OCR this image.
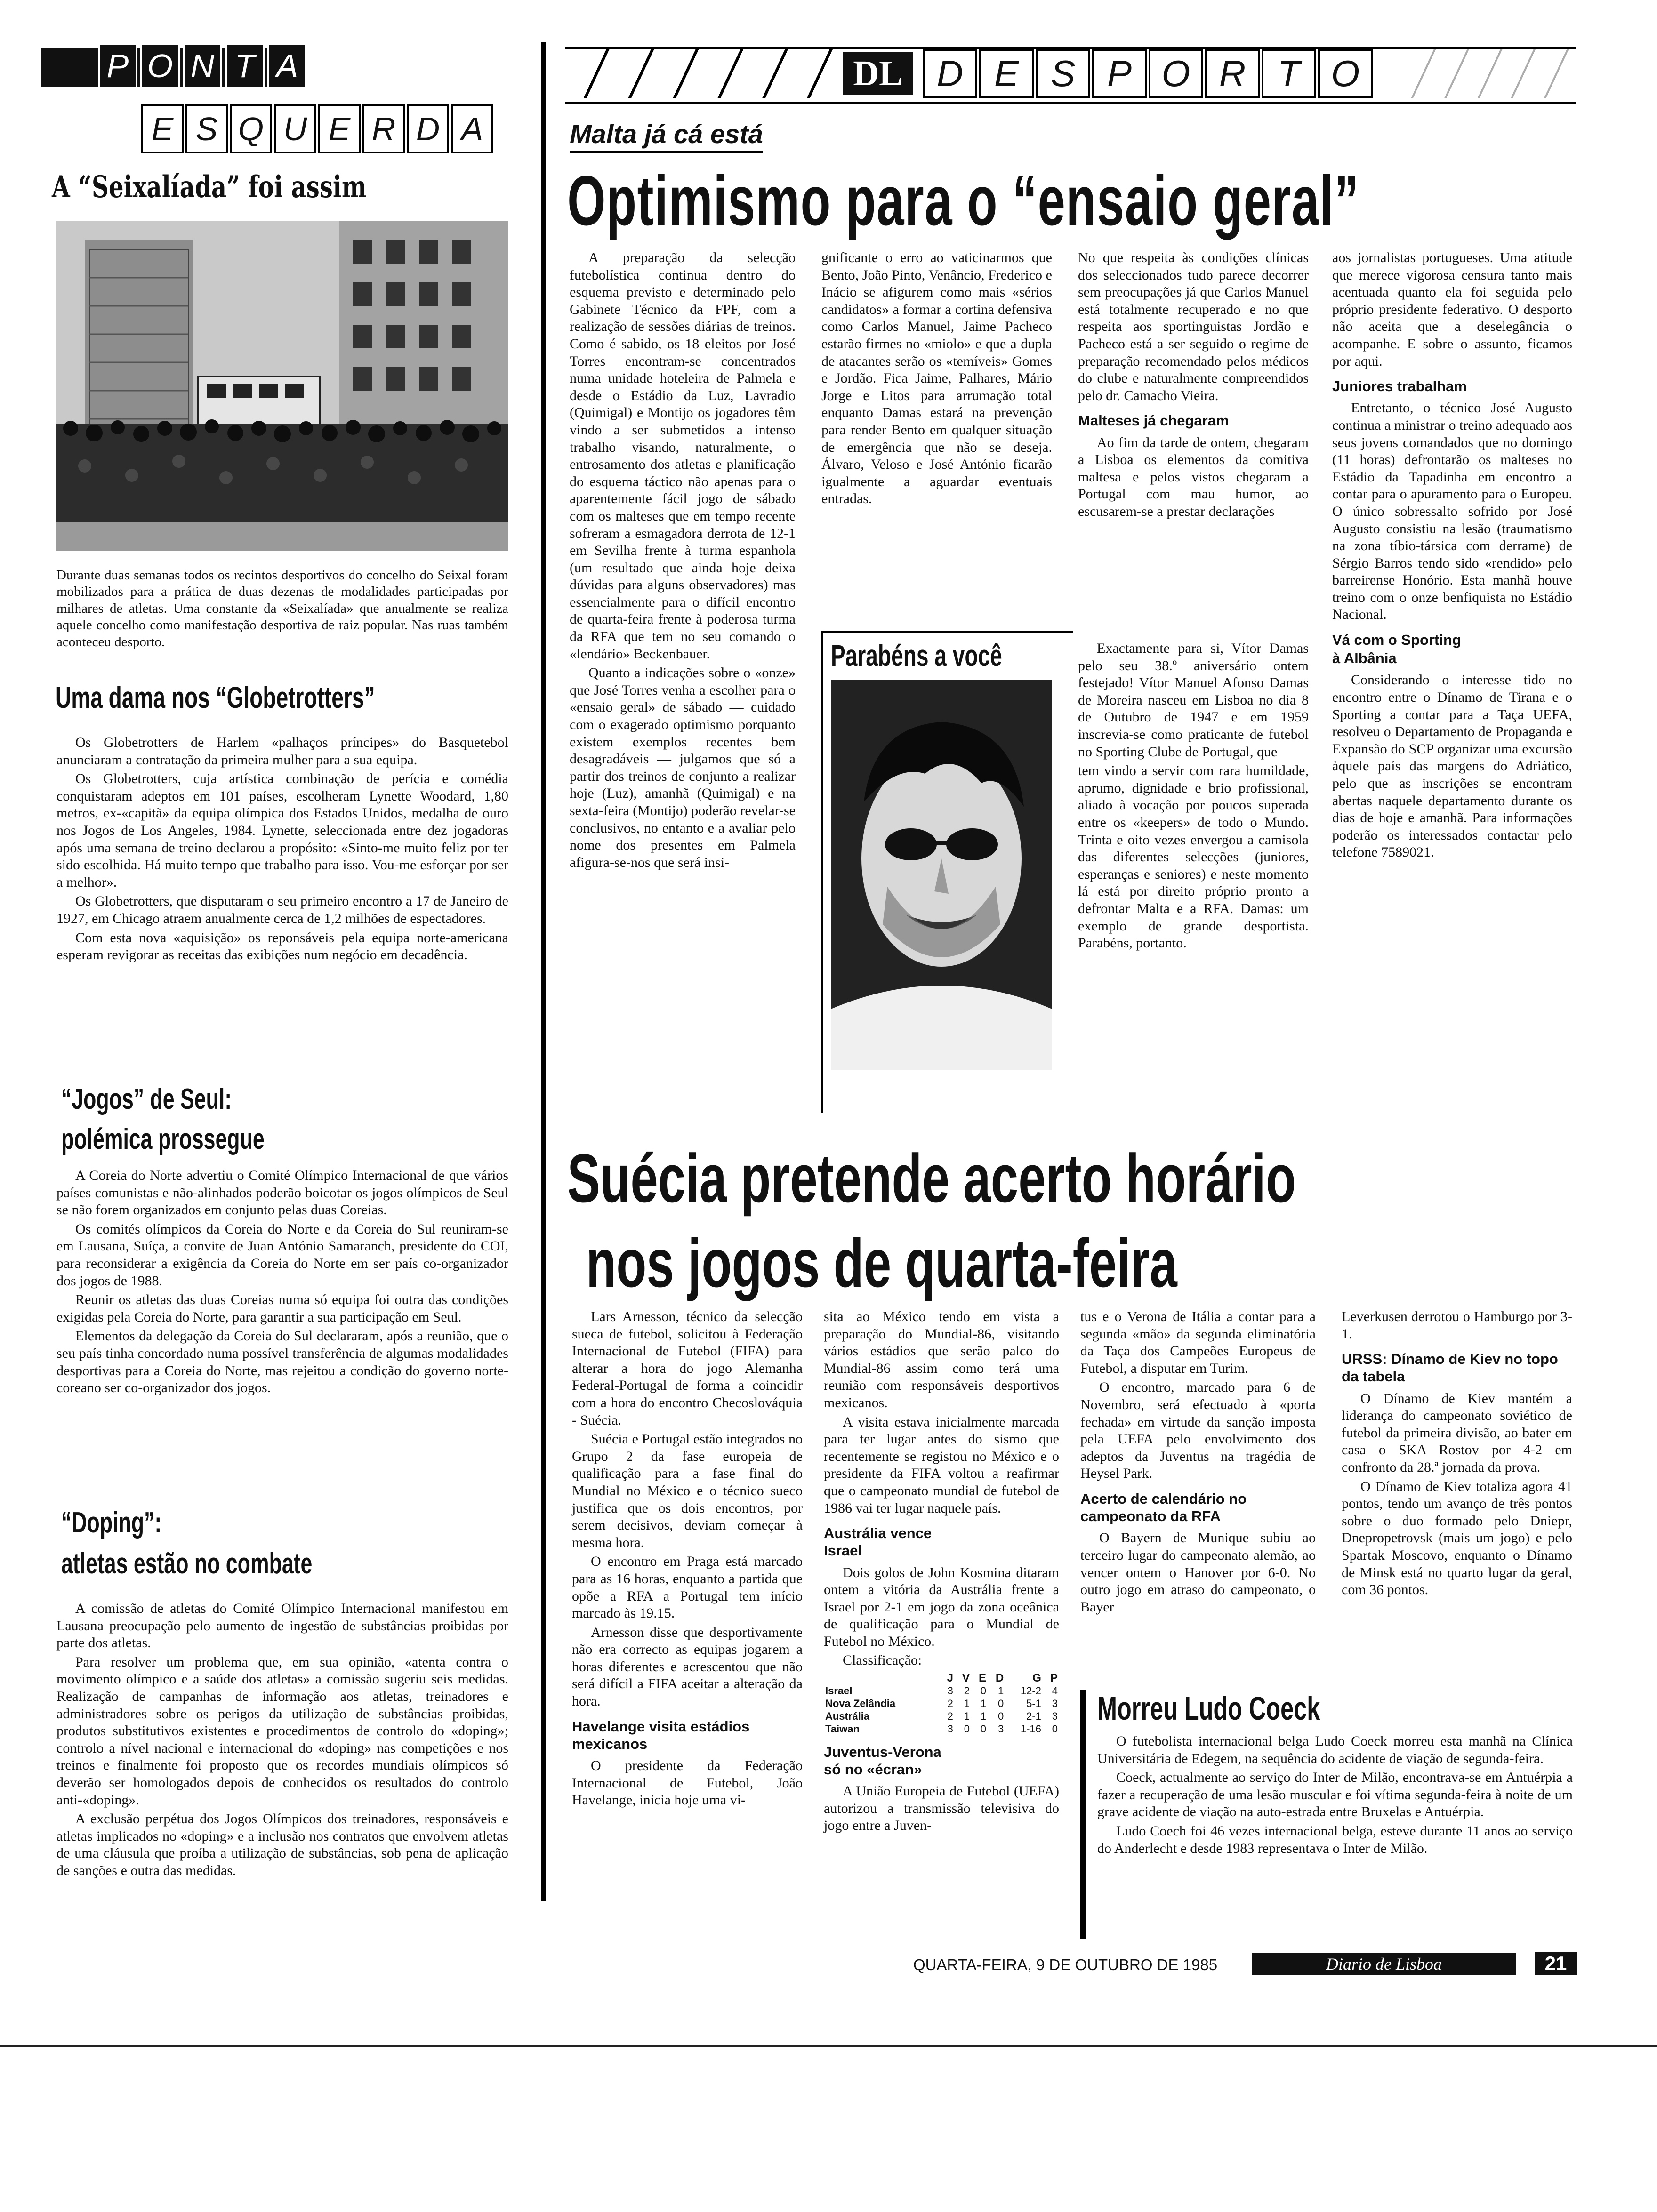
P O N T A
E S Q U E R D A
DL D E S P O R T O
A “Seixalíada” foi assim
Durante duas semanas todos os recintos desportivos do concelho do Seixal foram mobilizados para a prática de duas dezenas de modalidades participadas por milhares de atletas. Uma constante da «Seixalíada» que anualmente se realiza aquele concelho como manifestação desportiva de raiz popular. Nas ruas também aconteceu desporto.
Uma dama nos “Globetrotters”

Os Globetrotters de Harlem «palhaços príncipes» do Basquetebol anunciaram a contratação da primeira mulher para a sua equipa.

Os Globetrotters, cuja artística combinação de perícia e comédia conquistaram adeptos em 101 países, escolheram Lynette Woodard, 1,80 metros, ex-«capitã» da equipa olímpica dos Estados Unidos, medalha de ouro nos Jogos de Los Angeles, 1984. Lynette, seleccionada entre dez jogadoras após uma semana de treino declarou a propósito: «Sinto-me muito feliz por ter sido escolhida. Há muito tempo que trabalho para isso. Vou-me esforçar por ser a melhor».

Os Globetrotters, que disputaram o seu primeiro encontro a 17 de Janeiro de 1927, em Chicago atraem anualmente cerca de 1,2 milhões de espectadores.

Com esta nova «aquisição» os reponsáveis pela equipa norte-americana esperam revigorar as receitas das exibições num negócio em decadência.

“Jogos” de Seul:
polémica prossegue

A Coreia do Norte advertiu o Comité Olímpico Internacional de que vários países comunistas e não-alinhados poderão boicotar os jogos olímpicos de Seul se não forem organizados em conjunto pelas duas Coreias.

Os comités olímpicos da Coreia do Norte e da Coreia do Sul reuniram-se em Lausana, Suíça, a convite de Juan António Samaranch, presidente do COI, para reconsiderar a exigência da Coreia do Norte em ser país co-organizador dos jogos de 1988.

Reunir os atletas das duas Coreias numa só equipa foi outra das condições exigidas pela Coreia do Norte, para garantir a sua participação em Seul.

Elementos da delegação da Coreia do Sul declararam, após a reunião, que o seu país tinha concordado numa possível transferência de algumas modalidades desportivas para a Coreia do Norte, mas rejeitou a condição do governo norte-coreano ser co-organizador dos jogos.

“Doping”:
atletas estão no combate

A comissão de atletas do Comité Olímpico Internacional manifestou em Lausana preocupação pelo aumento de ingestão de substâncias proibidas por parte dos atletas.

Para resolver um problema que, em sua opinião, «atenta contra o movimento olímpico e a saúde dos atletas» a comissão sugeriu seis medidas. Realização de campanhas de informação aos atletas, treinadores e administradores sobre os perigos da utilização de substâncias proibidas, produtos substitutivos existentes e procedimentos de controlo do «doping»; controlo a nível nacional e internacional do «doping» nas competições e nos treinos e finalmente foi proposto que os recordes mundiais olímpicos só deverão ser homologados depois de conhecidos os resultados do controlo anti-«doping».

A exclusão perpétua dos Jogos Olímpicos dos treinadores, responsáveis e atletas implicados no «doping» e a inclusão nos contratos que envolvem atletas de uma cláusula que proíba a utilização de substâncias, sob pena de aplicação de sanções e outra das medidas.

Malta já cá está
Optimismo para o “ensaio geral”

A preparação da selecção futebolística continua dentro do esquema previsto e determinado pelo Gabinete Técnico da FPF, com a realização de sessões diárias de treinos. Como é sabido, os 18 eleitos por José Torres encontram-se concentrados numa unidade hoteleira de Palmela e desde o Estádio da Luz, Lavradio (Quimigal) e Montijo os jogadores têm vindo a ser submetidos a intenso trabalho visando, naturalmente, o entrosamento dos atletas e planificação do esquema táctico não apenas para o aparentemente fácil jogo de sábado com os malteses que em tempo recente sofreram a esmagadora derrota de 12-1 em Sevilha frente à turma espanhola (um resultado que ainda hoje deixa dúvidas para alguns observadores) mas essencialmente para o difícil encontro de quarta-feira frente à poderosa turma da RFA que tem no seu comando o «lendário» Beckenbauer.

Quanto a indicações sobre o «onze» que José Torres venha a escolher para o «ensaio geral» de sábado — cuidado com o exagerado optimismo porquanto existem exemplos recentes bem desagradáveis — julgamos que só a partir dos treinos de conjunto a realizar hoje (Luz), amanhã (Quimigal) e na sexta-feira (Montijo) poderão revelar-se conclusivos, no entanto e a avaliar pelo nome dos presentes em Palmela afigura-se-nos que será insi-

gnificante o erro ao vaticinarmos que Bento, João Pinto, Venâncio, Frederico e Inácio se afigurem como mais «sérios candidatos» a formar a cortina defensiva como Carlos Manuel, Jaime Pacheco estarão firmes no «miolo» e que a dupla de atacantes serão os «temíveis» Gomes e Jordão. Fica Jaime, Palhares, Mário Jorge e Litos para arrumação total enquanto Damas estará na prevenção para render Bento em qualquer situação de emergência que não se deseja. Álvaro, Veloso e José António ficarão igualmente a aguardar eventuais entradas.

Parabéns a você

No que respeita às condições clínicas dos seleccionados tudo parece decorrer sem preocupações já que Carlos Manuel está totalmente recuperado e no que respeita aos sportinguistas Jordão e Pacheco está a ser seguido o regime de preparação recomendado pelos médicos do clube e naturalmente compreendidos pelo dr. Camacho Vieira.

Malteses já chegaram

Ao fim da tarde de ontem, chegaram a Lisboa os elementos da comitiva maltesa e pelos vistos chegaram a Portugal com mau humor, ao escusarem-se a prestar declarações

Exactamente para si, Vítor Damas pelo seu 38.º aniversário ontem festejado! Vítor Manuel Afonso Damas de Moreira nasceu em Lisboa no dia 8 de Outubro de 1947 e em 1959 inscrevia-se como praticante de futebol no Sporting Clube de Portugal, que

tem vindo a servir com rara humildade, aprumo, dignidade e brio profissional, aliado à vocação por poucos superada entre os «keepers» de todo o Mundo. Trinta e oito vezes envergou a camisola das diferentes selecções (juniores, esperanças e seniores) e neste momento lá está por direito próprio pronto a defrontar Malta e a RFA. Damas: um exemplo de grande desportista. Parabéns, portanto.

aos jornalistas portugueses. Uma atitude que merece vigorosa censura tanto mais acentuada quanto ela foi seguida pelo próprio presidente federativo. O desporto não aceita que a deselegância o acompanhe. E sobre o assunto, ficamos por aqui.

Juniores trabalham

Entretanto, o técnico José Augusto continua a ministrar o treino adequado aos seus jovens comandados que no domingo (11 horas) defrontarão os malteses no Estádio da Tapadinha em encontro a contar para o apuramento para o Europeu. O único sobressalto sofrido por José Augusto consistiu na lesão (traumatismo na zona tíbio-társica com derrame) de Sérgio Barros tendo sido «rendido» pelo barreirense Honório. Esta manhã houve treino com o onze benfiquista no Estádio Nacional.

Vá com o Sporting
à Albânia

Considerando o interesse tido no encontro entre o Dínamo de Tirana e o Sporting a contar para a Taça UEFA, resolveu o Departamento de Propaganda e Expansão do SCP organizar uma excursão àquele país das margens do Adriático, pelo que as inscrições se encontram abertas naquele departamento durante os dias de hoje e amanhã. Para informações poderão os interessados contactar pelo telefone 7589021.

Suécia pretende acerto horário
nos jogos de quarta-feira

Lars Arnesson, técnico da selecção sueca de futebol, solicitou à Federação Internacional de Futebol (FIFA) para alterar a hora do jogo Alemanha Federal-Portugal de forma a coincidir com a hora do encontro Checoslováquia - Suécia.

Suécia e Portugal estão integrados no Grupo 2 da fase europeia de qualificação para a fase final do Mundial no México e o técnico sueco justifica que os dois encontros, por serem decisivos, deviam começar à mesma hora.

O encontro em Praga está marcado para as 16 horas, enquanto a partida que opõe a RFA a Portugal tem início marcado às 19.15.

Arnesson disse que desportivamente não era correcto as equipas jogarem a horas diferentes e acrescentou que não será difícil a FIFA aceitar a alteração da hora.

Havelange visita estádios mexicanos

O presidente da Federação Internacional de Futebol, João Havelange, inicia hoje uma vi-

sita ao México tendo em vista a preparação do Mundial-86, visitando vários estádios que serão palco do Mundial-86 assim como terá uma reunião com responsáveis desportivos mexicanos.

A visita estava inicialmente marcada para ter lugar antes do sismo que recentemente se registou no México e o presidente da FIFA voltou a reafirmar que o campeonato mundial de futebol de 1986 vai ter lugar naquele país.

Austrália vence
Israel

Dois golos de John Kosmina ditaram ontem a vitória da Austrália frente a Israel por 2-1 em jogo da zona oceânica de qualificação para o Mundial de Futebol no México.

Classificação:

	J	V	E	D	G	P
Israel	3	2	0	1	12-2	4
Nova Zelândia	2	1	1	0	5-1	3
Austrália	2	1	1	0	2-1	3
Taiwan	3	0	0	3	1-16	0
Juventus-Verona
só no «écran»

A União Europeia de Futebol (UEFA) autorizou a transmissão televisiva do jogo entre a Juven-

tus e o Verona de Itália a contar para a segunda «mão» da segunda eliminatória da Taça dos Campeões Europeus de Futebol, a disputar em Turim.

O encontro, marcado para 6 de Novembro, será efectuado à «porta fechada» em virtude da sanção imposta pela UEFA pelo envolvimento dos adeptos da Juventus na tragédia de Heysel Park.

Acerto de calendário no campeonato da RFA

O Bayern de Munique subiu ao terceiro lugar do campeonato alemão, ao vencer ontem o Hanover por 6-0. No outro jogo em atraso do campeonato, o Bayer

Leverkusen derrotou o Hamburgo por 3-1.

URSS: Dínamo de Kiev no topo da tabela

O Dínamo de Kiev mantém a liderança do campeonato soviético de futebol da primeira divisão, ao bater em casa o SKA Rostov por 4-2 em confronto da 28.ª jornada da prova.

O Dínamo de Kiev totaliza agora 41 pontos, tendo um avanço de três pontos sobre o duo formado pelo Dniepr, Dnepropetrovsk (mais um jogo) e pelo Spartak Moscovo, enquanto o Dínamo de Minsk está no quarto lugar da geral, com 36 pontos.

Morreu Ludo Coeck

O futebolista internacional belga Ludo Coeck morreu esta manhã na Clínica Universitária de Edegem, na sequência do acidente de viação de segunda-feira.

Coeck, actualmente ao serviço do Inter de Milão, encontrava-se em Antuérpia a fazer a recuperação de uma lesão muscular e foi vítima segunda-feira à noite de um grave acidente de viação na auto-estrada entre Bruxelas e Antuérpia.

Ludo Coech foi 46 vezes internacional belga, esteve durante 11 anos ao serviço do Anderlecht e desde 1983 representava o Inter de Milão.

QUARTA-FEIRA, 9 DE OUTUBRO DE 1985	Diario de Lisboa	21
